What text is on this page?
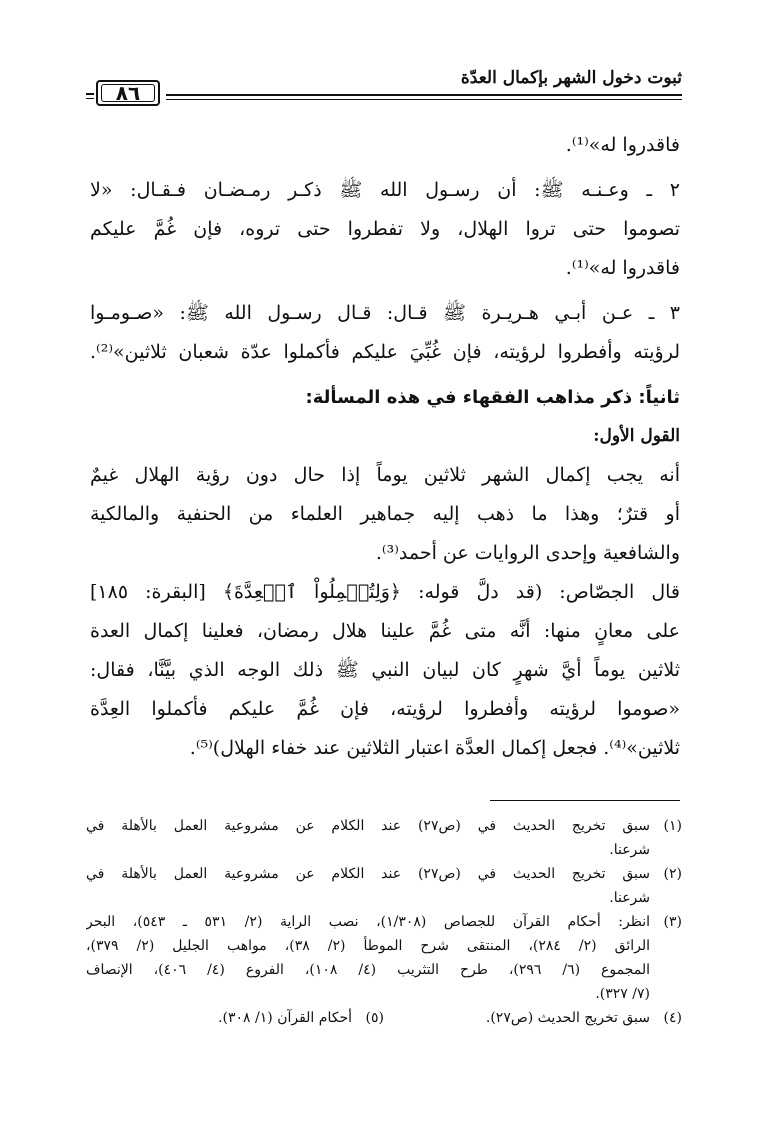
ثبوت دخول الشهر بإكمال العدّة
٨٦
فاقدروا له»⁽¹⁾.
٢ ـ وعـنـه ﷺ: أن رسـول الله ﷺ ذكـر رمـضـان فـقـال: «لا
تصوموا حتى تروا الهلال، ولا تفطروا حتى تروه، فإن غُمَّ عليكم
فاقدروا له»⁽¹⁾.
٣ ـ عـن أبـي هـريـرة ﷺ قـال: قـال رسـول الله ﷺ: «صـومـوا
لرؤيته وأفطروا لرؤيته، فإن غُبِّيَ عليكم فأكملوا عدّة شعبان ثلاثين»⁽²⁾.
ثانياً: ذكر مذاهب الفقهاء في هذه المسألة:
القول الأول:
أنه يجب إكمال الشهر ثلاثين يوماً إذا حال دون رؤية الهلال غيمٌ
أو قترٌ؛ وهذا ما ذهب إليه جماهير العلماء من الحنفية والمالكية
والشافعية وإحدى الروايات عن أحمد⁽³⁾.
قال الجصّاص: (قد دلَّ قوله: ﴿وَلِتُكۡمِلُواْ ٱلۡعِدَّةَ﴾ [البقرة: ١٨٥]
على معانٍ منها: أنَّه متى غُمَّ علينا هلال رمضان، فعلينا إكمال العدة
ثلاثين يوماً أيَّ شهرٍ كان لبيان النبي ﷺ ذلك الوجه الذي بيَّنَّا، فقال:
«صوموا لرؤيته وأفطروا لرؤيته، فإن غُمَّ عليكم فأكملوا العِدَّة
ثلاثين»⁽⁴⁾. فجعل إكمال العدَّة اعتبار الثلاثين عند خفاء الهلال)⁽⁵⁾.
(١)
سبق تخريج الحديث في (ص٢٧) عند الكلام عن مشروعية العمل بالأهلة في
شرعنا.
(٢)
سبق تخريج الحديث في (ص٢٧) عند الكلام عن مشروعية العمل بالأهلة في
شرعنا.
(٣)
انظر: أحكام القرآن للجصاص (١/٣٠٨)، نصب الراية (٢/ ٥٣١ ـ ٥٤٣)، البحر
الرائق (٢/ ٢٨٤)، المنتقى شرح الموطأ (٢/ ٣٨)، مواهب الجليل (٢/ ٣٧٩)،
المجموع (٦/ ٢٩٦)، طرح التثريب (٤/ ١٠٨)، الفروع (٤/ ٤٠٦)، الإنصاف
(٧/ ٣٢٧).
(٤)
سبق تخريج الحديث (ص٢٧).
(٥)
أحكام القرآن (١/ ٣٠٨).
